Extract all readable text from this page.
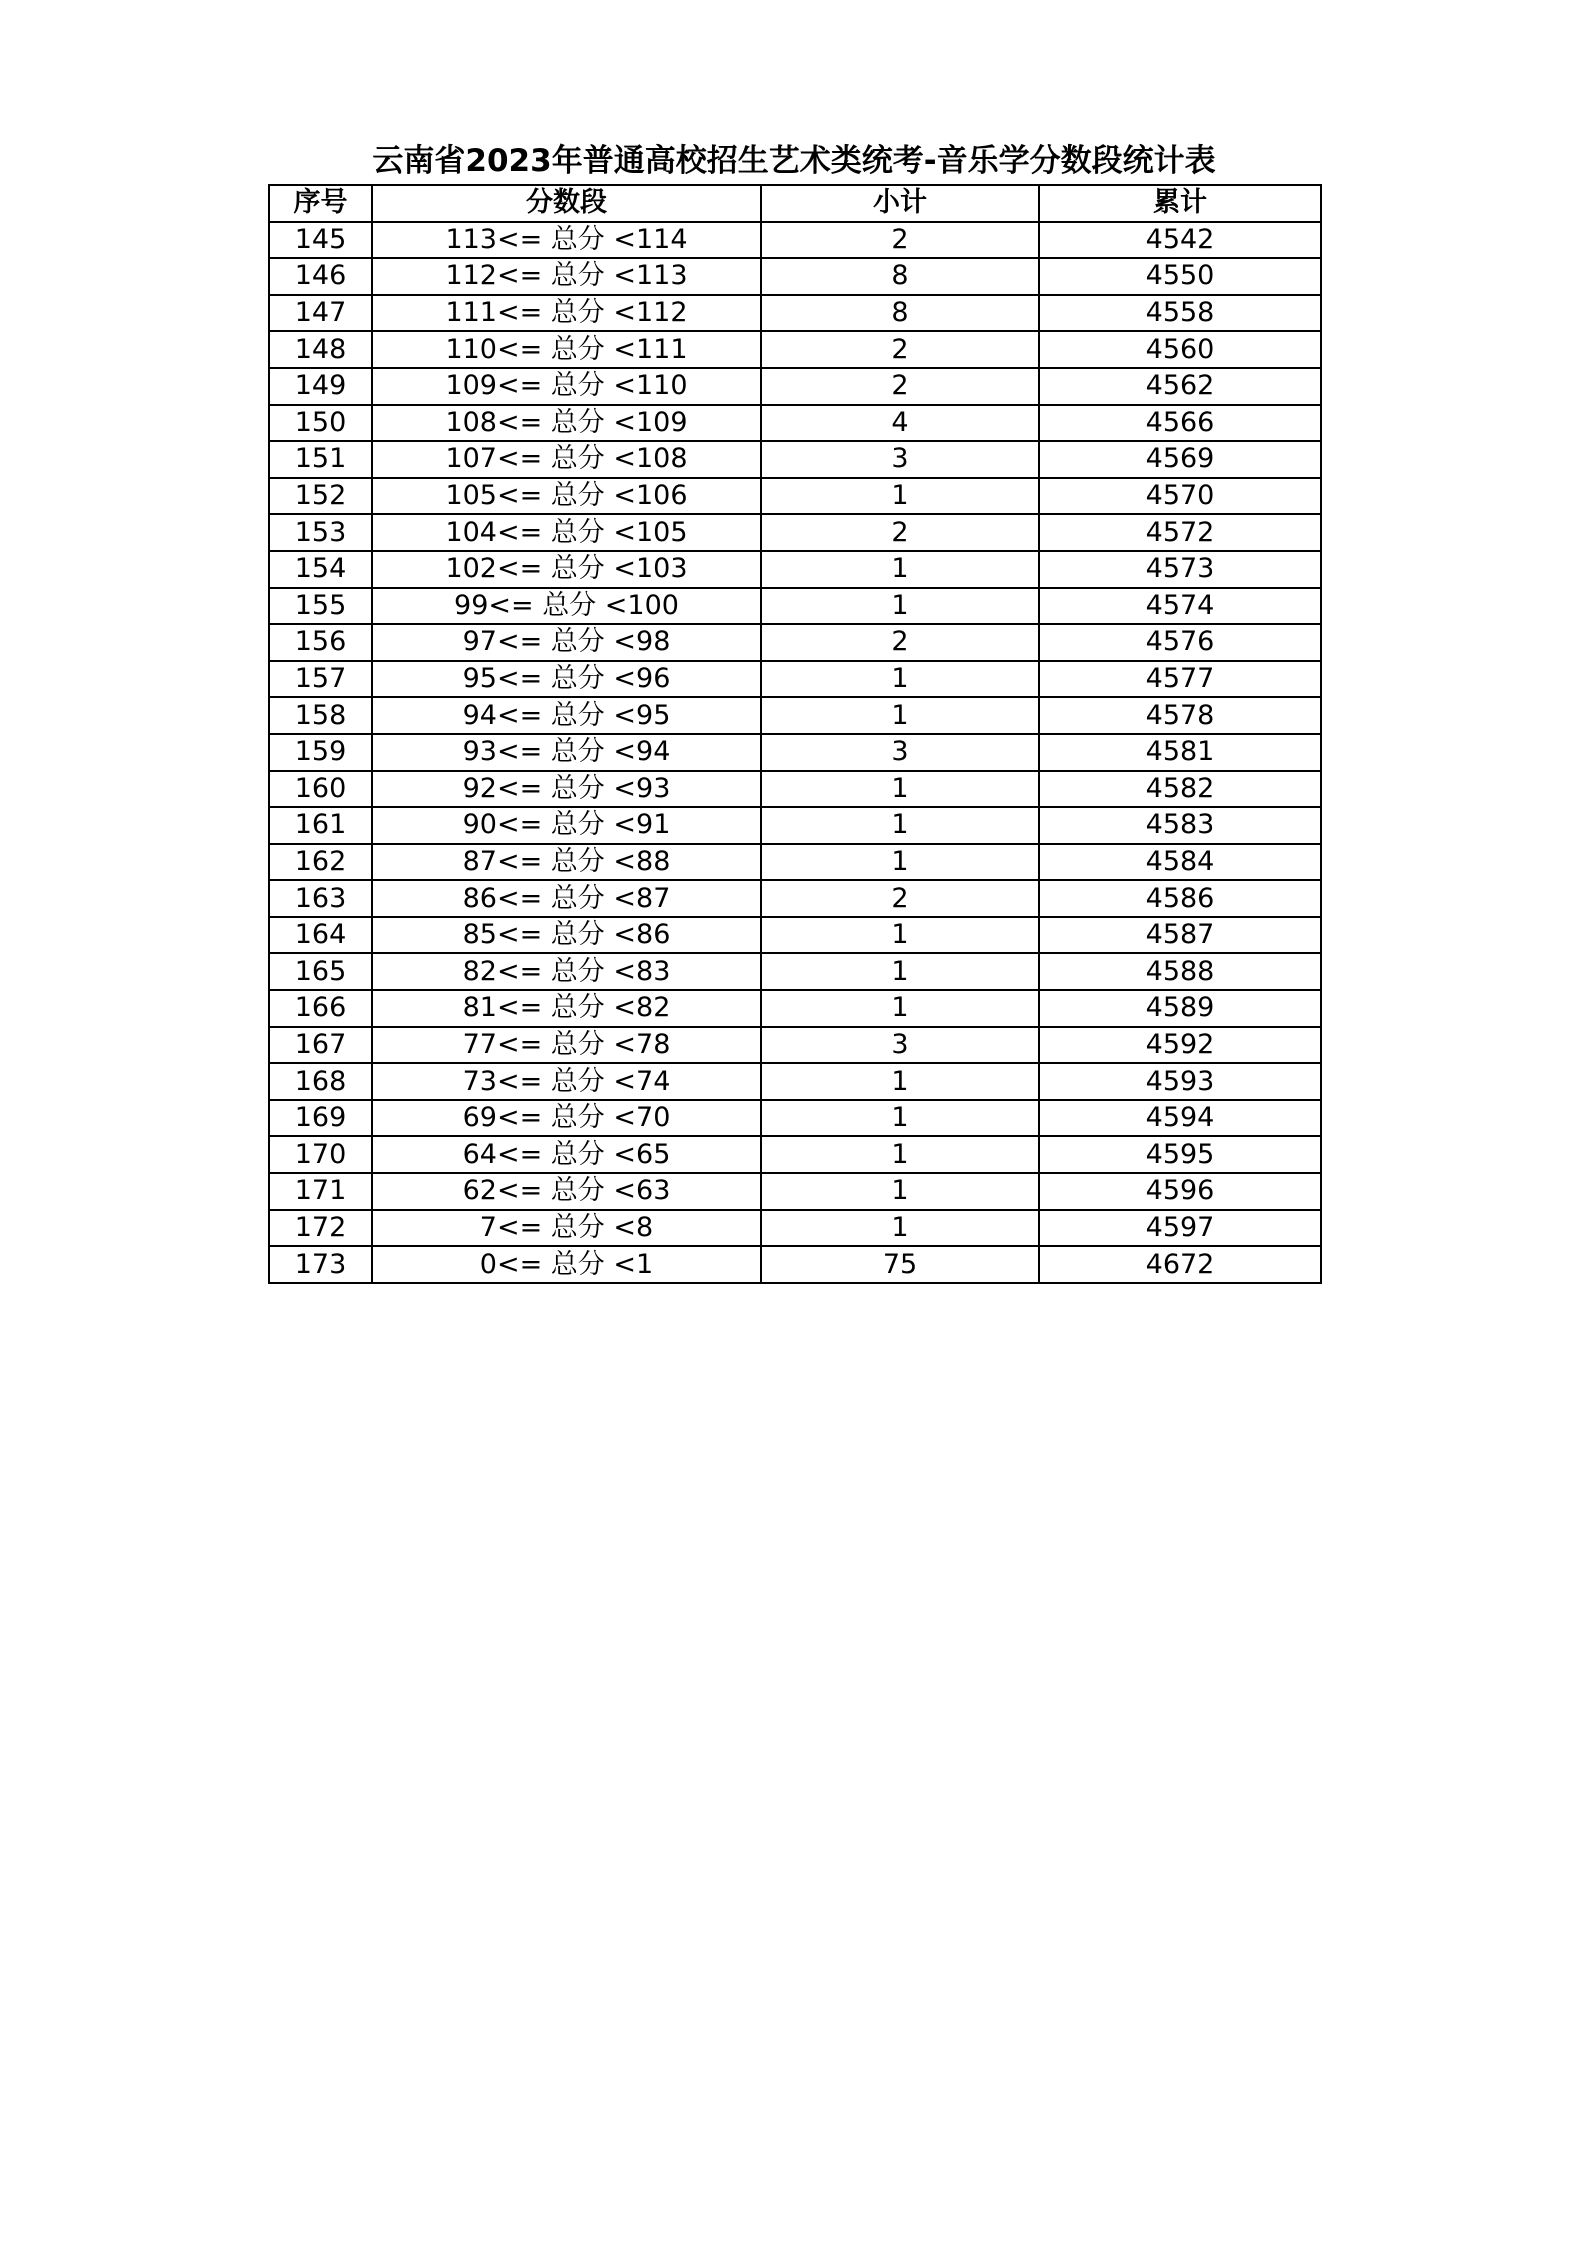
云南省2023年普通高校招生艺术类统考-音乐学分数段统计表
序号	分数段	小计	累计
145	113<= 总分 <114	2	4542
146	112<= 总分 <113	8	4550
147	111<= 总分 <112	8	4558
148	110<= 总分 <111	2	4560
149	109<= 总分 <110	2	4562
150	108<= 总分 <109	4	4566
151	107<= 总分 <108	3	4569
152	105<= 总分 <106	1	4570
153	104<= 总分 <105	2	4572
154	102<= 总分 <103	1	4573
155	99<= 总分 <100	1	4574
156	97<= 总分 <98	2	4576
157	95<= 总分 <96	1	4577
158	94<= 总分 <95	1	4578
159	93<= 总分 <94	3	4581
160	92<= 总分 <93	1	4582
161	90<= 总分 <91	1	4583
162	87<= 总分 <88	1	4584
163	86<= 总分 <87	2	4586
164	85<= 总分 <86	1	4587
165	82<= 总分 <83	1	4588
166	81<= 总分 <82	1	4589
167	77<= 总分 <78	3	4592
168	73<= 总分 <74	1	4593
169	69<= 总分 <70	1	4594
170	64<= 总分 <65	1	4595
171	62<= 总分 <63	1	4596
172	7<= 总分 <8	1	4597
173	0<= 总分 <1	75	4672
